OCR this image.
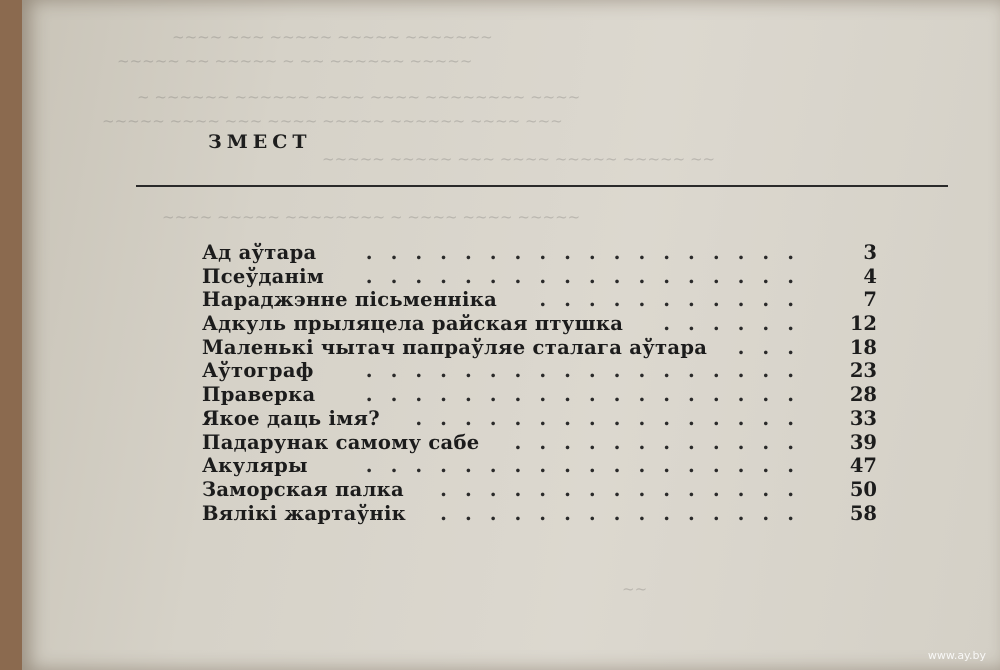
~~~~ ~~~ ~~~~~ ~~~~~ ~~~~~~~
~~~~~ ~~ ~~~~~ ~ ~~ ~~~~~~ ~~~~~
~ ~~~~~~ ~~~~~~ ~~~~ ~~~~ ~~~~~~~~ ~~~~
~~~~~ ~~~~ ~~~ ~~~~ ~~~~~ ~~~~~~ ~~~~ ~~~
~~~~~ ~~~~~ ~~~ ~~~~ ~~~~~ ~~~~~ ~~
~~~~ ~~~~~ ~~~~~~~~ ~ ~~~~ ~~~~ ~~~~~
~~
ЗМЕСТ
..................
Ад аўтара	3
..................
Псеўданім	4
...........
Нараджэнне пісьменніка	7
......
Адкуль прыляцела райская птушка	12
...
Маленькі чытач папраўляе сталага аўтара	18
..................
Аўтограф	23
..................
Праверка	28
................
Якое даць імя?	33
............
Падарунак самому сабе	39
..................
Акуляры	47
...............
Заморская палка	50
...............
Вялікі жартаўнік	58
www.ay.by
